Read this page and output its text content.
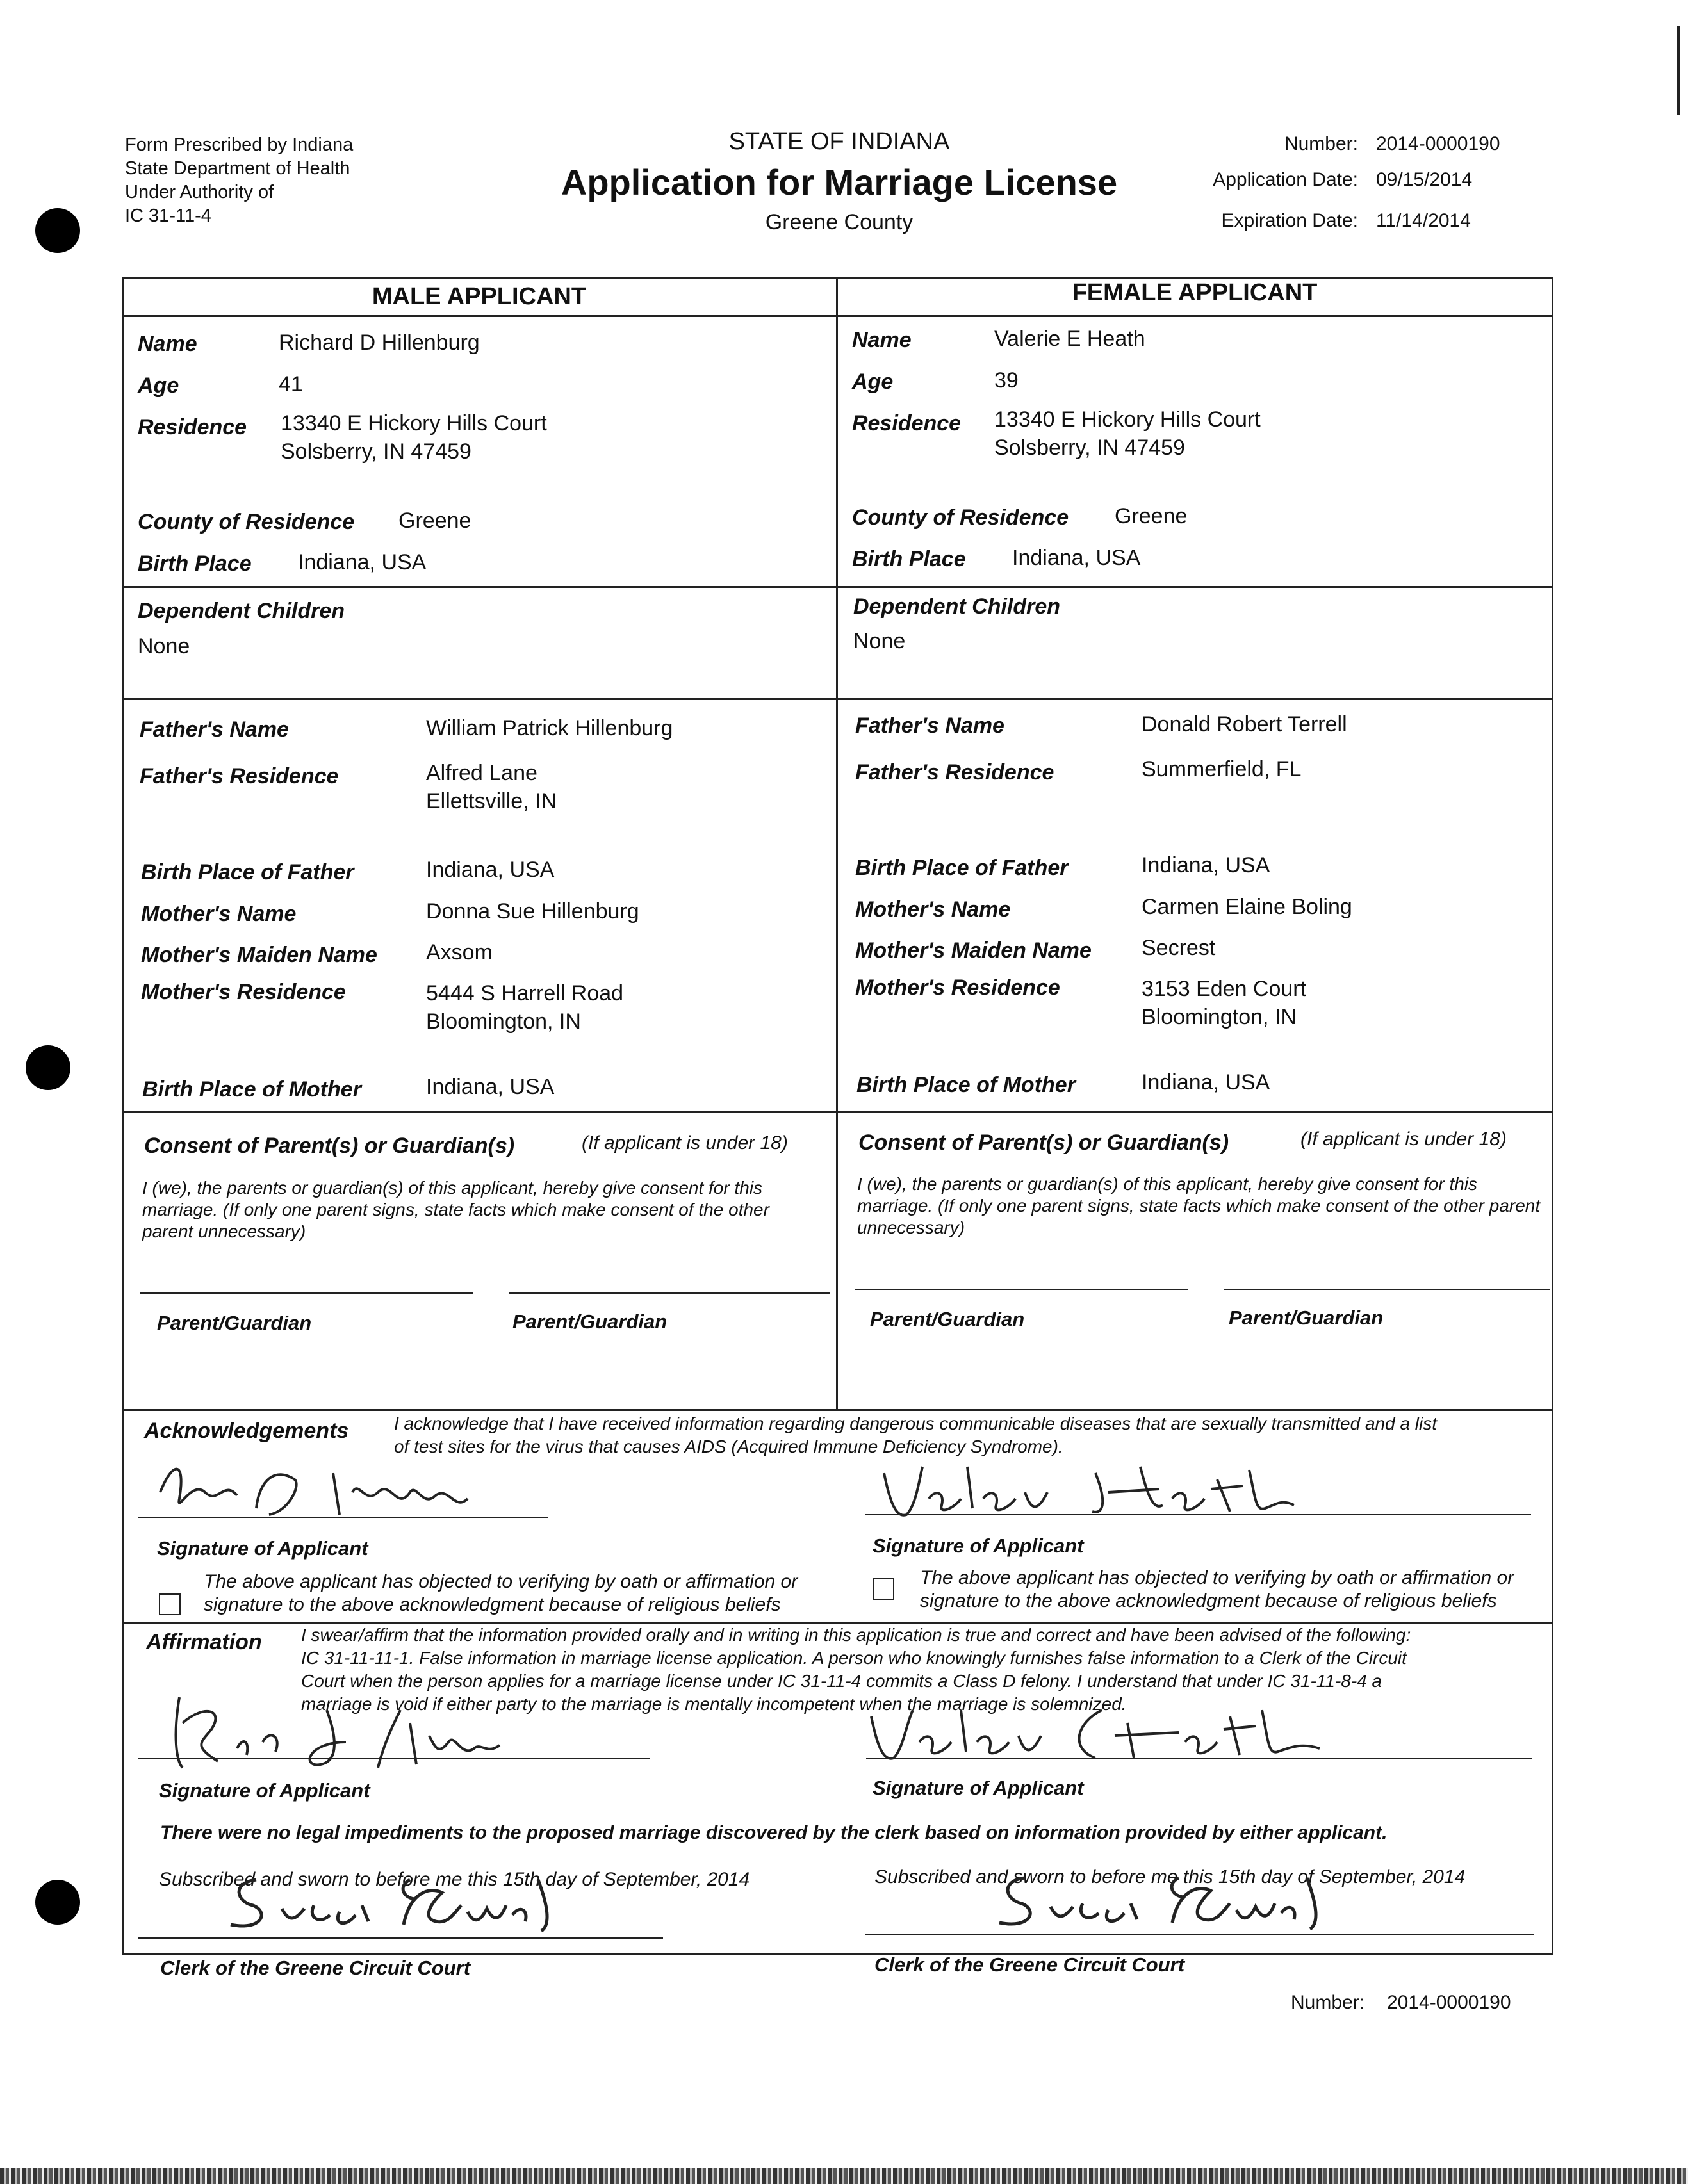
Form Prescribed by Indiana
State Department of Health
Under Authority of
IC 31-11-4
STATE OF INDIANA
Application for Marriage License
Greene County
Number: 2014-0000190
Application Date: 09/15/2014
Expiration Date: 11/14/2014
MALE APPLICANT	FEMALE APPLICANT
Name	Richard D Hillenburg
Age	41
Residence 13340 E Hickory Hills Court
Solsberry, IN 47459
County of Residence Greene
Birth Place Indiana, USA
Dependent Children
None
Father's Name	William Patrick Hillenburg
Father's Residence	Alfred Lane
Ellettsville, IN
Birth Place of Father	Indiana, USA
Mother's Name	Donna Sue Hillenburg
Mother's Maiden Name Axsom
Mother's Residence	5444 S Harrell Road
Bloomington, IN
Birth Place of Mother	Indiana, USA
Name	Valerie E Heath
Age	39
Residence 13340 E Hickory Hills Court
Solsberry, IN 47459
County of Residence Greene
Birth Place Indiana, USA
Dependent Children
None
Father's Name	Donald Robert Terrell
Father's Residence	Summerfield, FL
Birth Place of Father	Indiana, USA
Mother's Name	Carmen Elaine Boling
Mother's Maiden Name Secrest
Mother's Residence	3153 Eden Court
Bloomington, IN
Birth Place of Mother	Indiana, USA
Consent of Parent(s) or Guardian(s)	(If applicant is under 18)
I (we), the parents or guardian(s) of this applicant, hereby give consent for this marriage. (If only one parent signs, state facts which make consent of the other parent unnecessary)
Parent/Guardian	Parent/Guardian
Consent of Parent(s) or Guardian(s)	(If applicant is under 18)
I (we), the parents or guardian(s) of this applicant, hereby give consent for this marriage. (If only one parent signs, state facts which make consent of the other parent unnecessary)
Parent/Guardian	Parent/Guardian
Acknowledgements	I acknowledge that I have received information regarding dangerous communicable diseases that are sexually transmitted and a list
of test sites for the virus that causes AIDS (Acquired Immune Deficiency Syndrome).
Signature of Applicant
The above applicant has objected to verifying by oath or affirmation or signature to the above acknowledgment because of religious beliefs
Signature of Applicant
The above applicant has objected to verifying by oath or affirmation or signature to the above acknowledgment because of religious beliefs
Affirmation I swear/affirm that the information provided orally and in writing in this application is true and correct and have been advised of the following:
IC 31-11-11-1. False information in marriage license application. A person who knowingly furnishes false information to a Clerk of the Circuit
Court when the person applies for a marriage license under IC 31-11-4 commits a Class D felony. I understand that under IC 31-11-8-4 a
marriage is void if either party to the marriage is mentally incompetent when the marriage is solemnized.
Signature of Applicant	Signature of Applicant
There were no legal impediments to the proposed marriage discovered by the clerk based on information provided by either applicant.
Subscribed and sworn to before me this 15th day of September, 2014
Clerk of the Greene Circuit Court
Subscribed and sworn to before me this 15th day of September, 2014
Clerk of the Greene Circuit Court
Number: 2014-0000190
